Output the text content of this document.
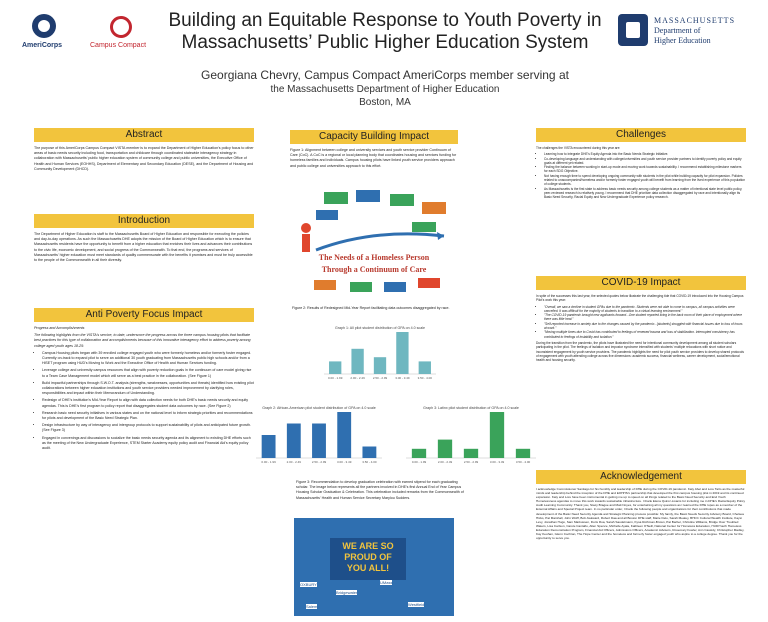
AmeriCorps	Campus Compact
MASSACHUSETTS
Department of
Higher Education
Building an Equitable Response to Youth Poverty in
Massachusetts’ Public Higher Education System
Georgiana Chevry, Campus Compact AmeriCorps member serving at
the Massachusetts Department of Higher Education
Boston, MA
Abstract
The purpose of this AmeriCorps Campus Compact VISTA member is to expand the Department of Higher Education's policy focus to other areas of basic needs security including food, transportation and childcare through coordinated statewide interagency strategy in collaboration with Massachusetts' public higher education system of community college and public universities, the Executive Office of Health and Human Services (EOHHS), Department of Elementary and Secondary Education (DESE), and the Department of Housing and Community Development (DHCD).
Introduction
The Department of Higher Education is staff to the Massachusetts Board of Higher Education and responsible for executing the policies and day-to-day operations. As such the Massachusetts DHE adopts the mission of the Board of Higher Education which is to ensure that Massachusetts residents have the opportunity to benefit from a higher education that enriches their lives and advances their contributions to the civic life, economic development, and social progress of the Commonwealth. To that end, the programs and services of Massachusetts' higher education must meet standards of quality commensurate with the benefits it promises and must be truly accessible to the people of the Commonwealth in all their diversity.
Anti Poverty Focus Impact

Progress and Accomplishments

The following highlights from the VISTA's service, to date, underscore the progress across the three campus housing pilots that facilitate best practices for this type of collaboration and accomplishments because of this innovative interagency effort to address poverty among college aged youth ages 18-25:

• Campus Housing pilots began with 39 enrolled college engaged youth who were formerly homeless and/or formerly foster engaged. Currently on-track to expand pilot to serve an additional 30 youth graduating from Massachusetts public high schools and/or from a HiSET program using HUD's Moving to Work and the Executive Office of Health and Human Services funding.
• Leverage college and university campus resources that align with poverty reduction goals in the continuum of care model giving rise to a Team Case Management model which will serve as a best practice in the collaboration. (See Figure 1)
• Build impactful partnerships through S.W.O.T. analysis (strengths, weaknesses, opportunities and threats) identified how existing pilot collaborations between higher education institutions and youth service providers needed improvement by clarifying roles, responsibilities and impact within their Memorandum of Understanding.
• Redesign of DHE's institution's Mid-Year Report to align with data collection needs for both DHE's basic needs security and equity agendas. This is DHE's first program to policy report that disaggregates student data outcomes by race. (See Figure 2)
• Research basic need security initiatives in various states and on the national level to inform strategic priorities and recommendations for pilots and development of the Basic Need Strategic Plan.
• Design infrastructure by way of interagency and intergroup protocols to support sustainability of pilots and anticipated future growth. (See Figure 3)
• Engaged in convenings and discussions to socialize the basic needs security agenda and its alignment to existing DHE efforts such as the meeting of the New Undergraduate Experience, STEM Starter Academy equity policy audit and Financial Aid's equity policy audit.
Capacity Building Impact
Figure 1: Alignment between college and university services and youth service provider Continuum of Care (CoC). A CoC is a regional or local planning body that coordinates housing and services funding for homeless families and individuals. Campus housing pilots have linked youth service providers approach and public college and universities approach to this effort.
The Needs of a Homeless Person
Through a Continuum of Care
Figure 2: Results of Redesigned Mid-Year Report facilitating data outcomes disaggregated by race.
Graph 1: All pilot student distribution of GPA on 4.0 scale
0.00 - 1.99	2.00 - 2.49	2.50 - 2.99	3.00 - 3.49	3.50 - 4.00
Graph 2: African-American pilot student distribution of GPA on 4.0 scale
0.00 - 1.99	2.00 - 2.49	2.50 - 2.99	3.00 - 3.49	3.50 - 4.00
Graph 3: Latinx pilot student distribution of GPA on 4.0 scale
0.00 - 1.99	2.00 - 2.49	2.50 - 2.99	3.00 - 3.49	3.50 - 4.00
Figure 3: Recommendation to develop graduation celebration with earned stipend for each graduating scholar. The image below represents all the partners involved in DHE's first Annual End of Year Campus Housing Scholar Graduation & Celebration. This celebration included remarks from the Commonwealth of Massachusetts' Health and Human Service Secretary Marylou Sudders.
WE ARE SO
PROUD OF
YOU ALL!
OXBURY
Bridgewater
UMass
Westfield
Salem
Challenges

The challenges the VISTA encountered during this year are:

• Learning how to integrate DHE's Equity Agenda into the Basic Needs Strategic Initiative.
• Co-developing language and understanding with college/universities and youth service provider partners to identify poverty policy and equity goals at different yet related.
• Finding the balance between working in start-up mode and moving work towards sustainability. I recommend establishing milestone markers for each SDG Objective.
• Not having enough time to spend developing ongoing community with students in the pilot while building capacity for pilot expansion. Policies related to unaccompanied/homeless and/or formerly foster engaged youth will benefit from learning from the lived experience of this population of college students.
• As Massachusetts is the first state to address basic needs security among college students as a matter of intentional state level public policy, peer-reviewed research is relatively young. I recommend that DHE prioritize data collection disaggregated by race and intentionally align its Basic Need Security, Racial Equity and New Undergraduate Experience policy research.
COVID-19 Impact

In spite of the successes this last year, the selected quotes below illustrate the challenging tide that COVID-19 introduced into the Housing Campus Pilot's work this year:

• "Overall, we saw a decline in student GPAs due to the pandemic. Students were not able to come to campus, all campus activities were cancelled. It was difficult for the majority of students to transition to a virtual learning environment."
• "The COVID-19 pandemic brought new applicants forward...One student reported living in the back room of their place of employment where there was little heat."
• "Self-reported increase in anxiety due to the changes caused by the pandemic...[students] struggled with financial issues due to loss of hours at work."
• "Moving multiple times due to Covid has contributed to feelings of renewed trauma and loss of stabilization. Interrupted consistency has contributed to feelings of instability and isolation."

During the transition from the pandemic, the pilots have illustrated the need for intentional community development among all student scholars participating in the pilot. The feelings of isolation and impostor syndrome intensified with students' multiple relocations with short notice and inconsistent engagement by youth service providers. The pandemic highlights the need for pilot youth service providers to develop shared protocols of engagement with youth attending college across five dimensions: academic success, financial wellness, career development, social/emotional health and housing security.

Acknowledgement
I acknowledge Commissioner Santiago for his humility and leadership of DHE during the COVID-19 pandemic. Katy Abel and Lore Tarlo as the masterful minds and leadership behind the inception of the DHE and EOHHS's partnership that developed the first campus housing pilot in 2019 and its continued expansion. Katy and Lore have been instrumental in getting me up to speed on all things related to the Basic Need Security and End Youth Homelessness agendas to move this work towards sustainable infrastructure. I thank Elena Quiroz-Livanis for including me in DHE's Racial Equity Policy Audit Learning Community. Thank you, Stacy Brague and Matt Noyes, for entertaining all my questions as I learned the DHE ropes as a member of the External Affairs and Special Project team. In no particular order, I thank the following people and organizations for their contributions that made development of the Basic Need Security Agenda and Strategic Planning process possible: My family, the Basic Needs Security Advisory Board, Chelsea Hicks, Pat Marshall, John Wolff, Bob Awkward, Robert Daa and all Boston DHE staff, Marie Delo, Sarah Mealey, BHCC Cultural Wealth Institute, Kaysi Levy, Jonathan Hugo, Sam Markussen, Doris Rua, Sarah Saudelmann, Kysa Rothman-Brown, Pat Barber, Christine Williams, Bridge Over Troubled Waters, Lisa Carlson, Carole Cantafio, Allen Spence, Michelle Ayala, Kathleen O'Neill, National Center for Homeless Education, HUD/Youth Homeless Education Demonstration Program, Financial Aid Officers, Admissions Officers, Academic Advisors, Rosemary Fowler, Ann Cassidy, Christopher Madley, Kay Keohan, Glenn Cochran, The Hope Center and the homeless and formerly foster engaged youth who aspire to a college degree. Thank you for the opportunity to serve you.
